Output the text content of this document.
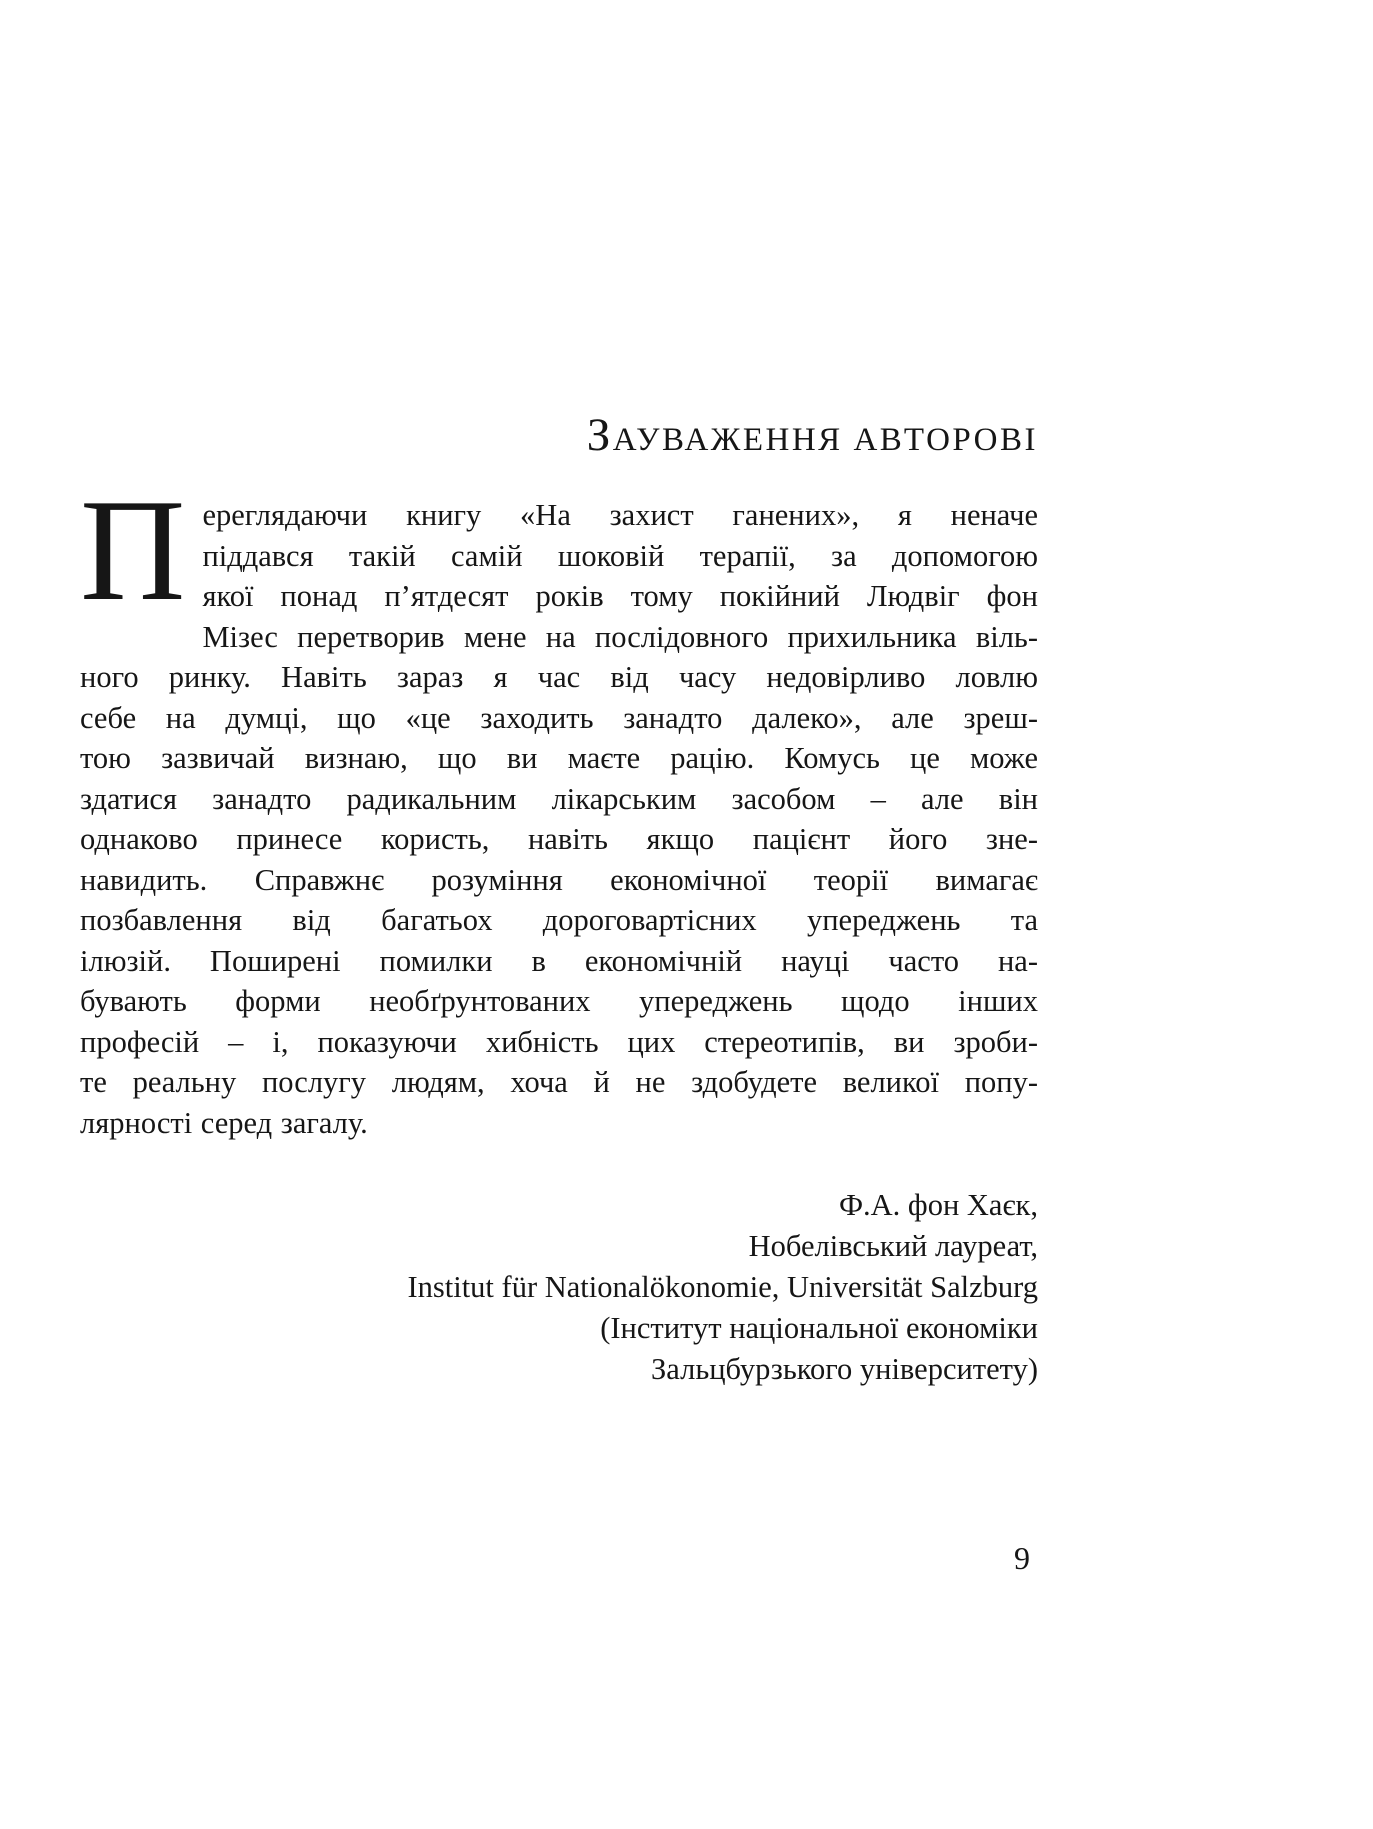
ЗАУВАЖЕННЯ АВТОРОВІ
П ереглядаючи книгу «На захист ганених», я неначе
піддався такій самій шоковій терапії, за допомогою
якої понад п’ятдесят років тому покійний Людвіг фон
Мізес перетворив мене на послідовного прихильника віль-
ного ринку. Навіть зараз я час від часу недовірливо ловлю
себе на думці, що «це заходить занадто далеко», але зреш-
тою зазвичай визнаю, що ви маєте рацію. Комусь це може
здатися занадто радикальним лікарським засобом – але він
однаково принесе користь, навіть якщо пацієнт його зне-
навидить. Справжнє розуміння економічної теорії вимагає
позбавлення від багатьох дороговартісних упереджень та
ілюзій. Поширені помилки в економічній науці часто на-
бувають форми необґрунтованих упереджень щодо інших
професій – і, показуючи хибність цих стереотипів, ви зроби-
те реальну послугу людям, хоча й не здобудете великої попу-
лярності серед загалу.
Ф.А. фон Хаєк,
Нобелівський лауреат,
Institut für Nationalökonomie, Universität Salzburg
(Інститут національної економіки
Зальцбурзького університету)
9
